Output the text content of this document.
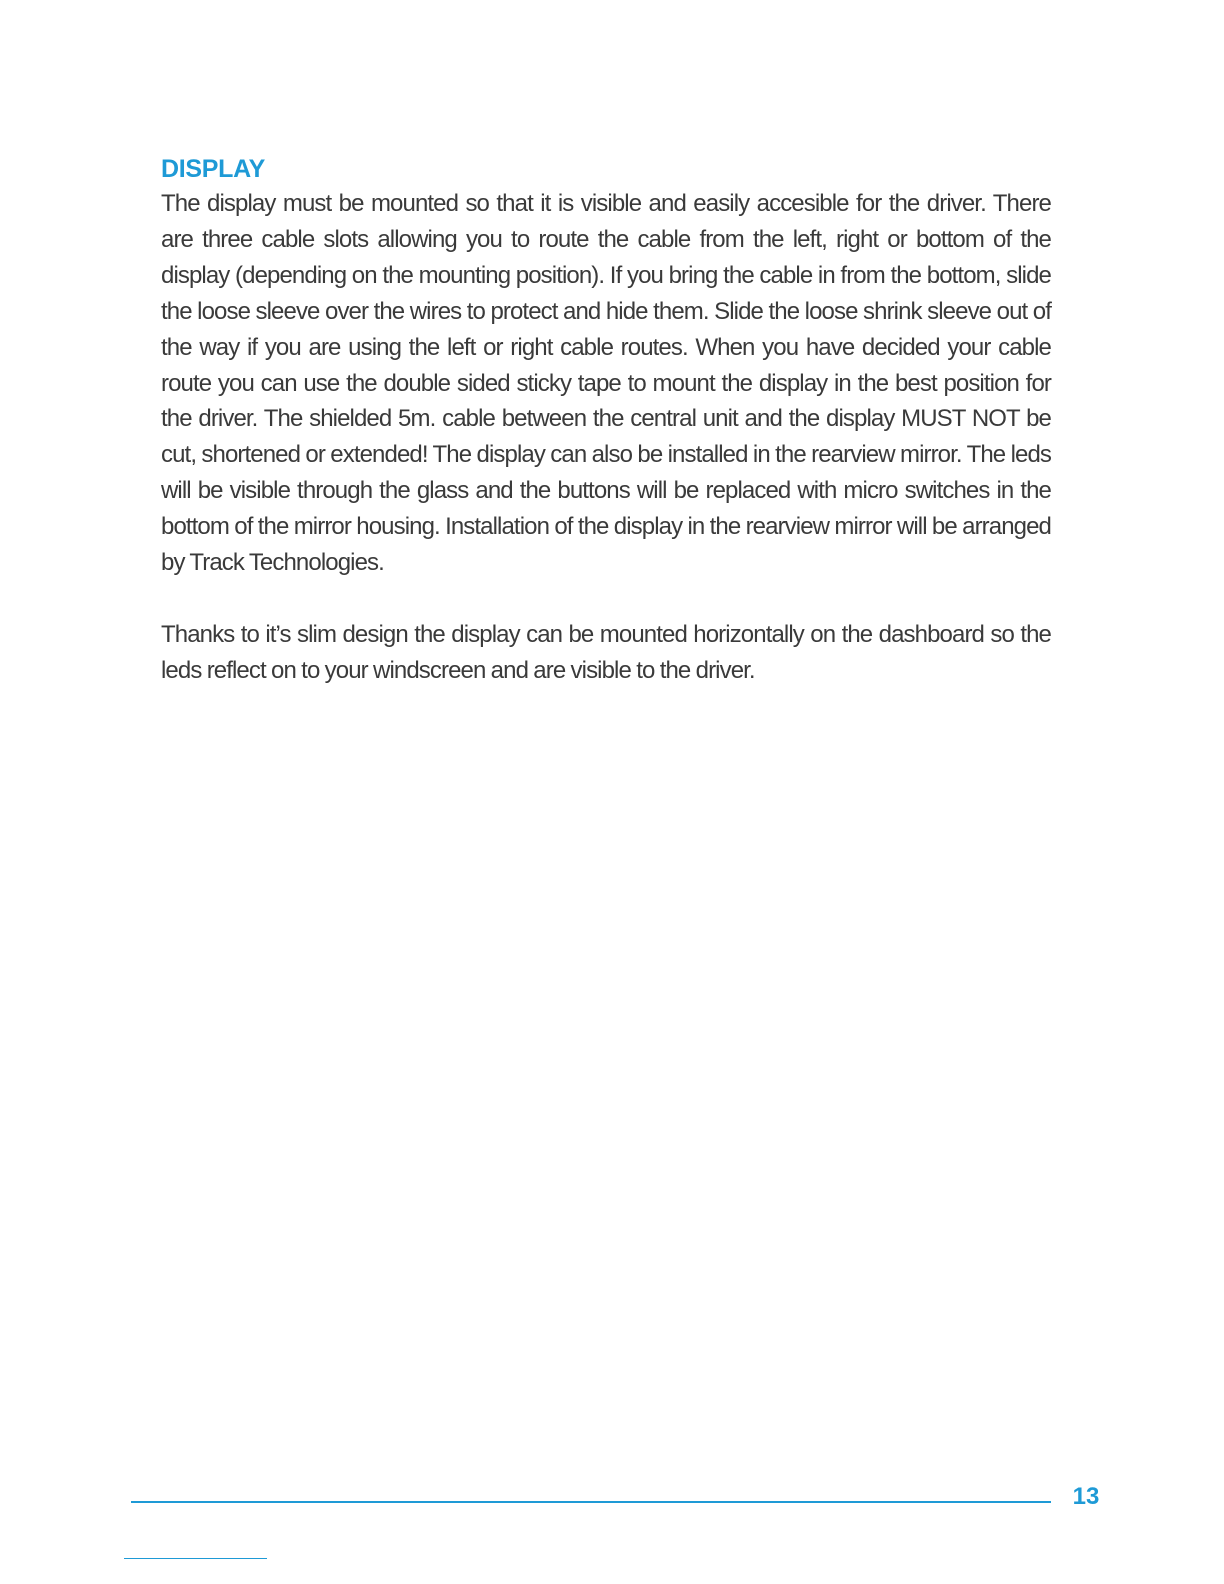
DISPLAY

The display must be mounted so that it is visible and easily accesible for the driver. There are three cable slots allowing you to route the cable from the left, right or bottom of the display (depending on the mounting position). If you bring the cable in from the bottom, slide the loose sleeve over the wires to protect and hide them. Slide the loose shrink sleeve out of the way if you are using the left or right cable routes. When you have decided your cable route you can use the double sided sticky tape to mount the display in the best position for the driver. The shielded 5m. cable between the central unit and the display MUST NOT be cut, shortened or extended! The display can also be installed in the rearview mirror. The leds will be visible through the glass and the buttons will be replaced with micro switches in the bottom of the mirror housing. Installation of the display in the rearview mirror will be arranged by Track Technologies.

Thanks to it’s slim design the display can be mounted horizontally on the dashboard so the leds reflect on to your windscreen and are visible to the driver.

13
